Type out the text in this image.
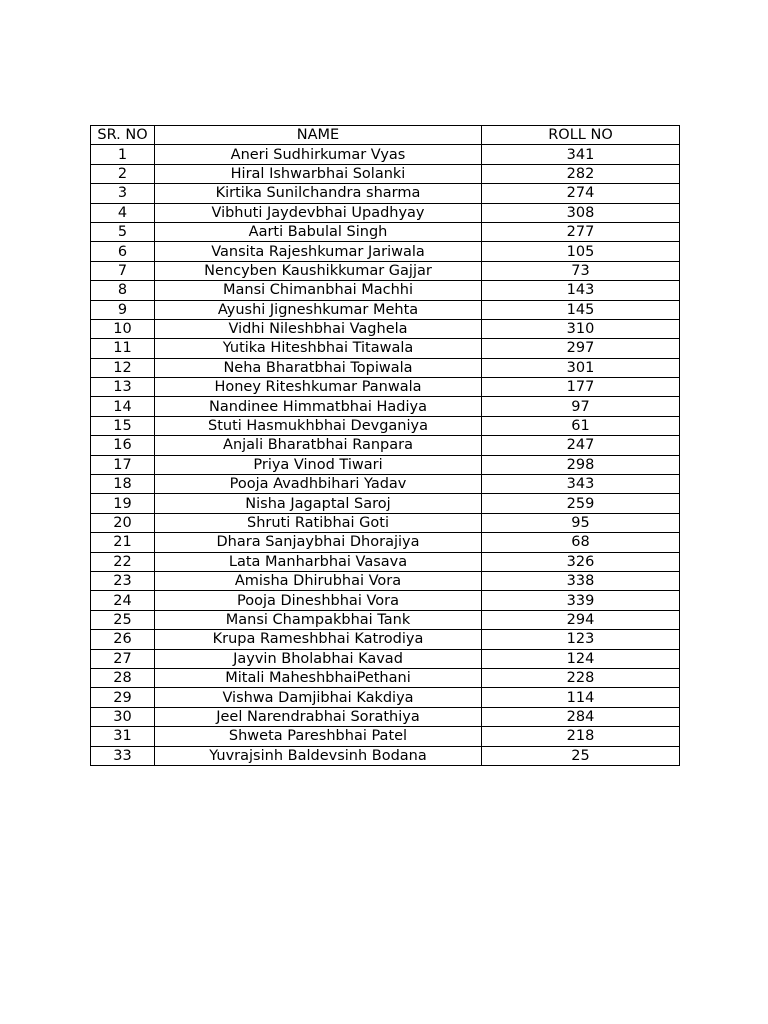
SR. NO	NAME	ROLL NO
1	Aneri Sudhirkumar Vyas	341
2	Hiral Ishwarbhai Solanki	282
3	Kirtika Sunilchandra sharma	274
4	Vibhuti Jaydevbhai Upadhyay	308
5	Aarti Babulal Singh	277
6	Vansita Rajeshkumar Jariwala	105
7	Nencyben Kaushikkumar Gajjar	73
8	Mansi Chimanbhai Machhi	143
9	Ayushi Jigneshkumar Mehta	145
10	Vidhi Nileshbhai Vaghela	310
11	Yutika Hiteshbhai Titawala	297
12	Neha Bharatbhai Topiwala	301
13	Honey Riteshkumar Panwala	177
14	Nandinee Himmatbhai Hadiya	97
15	Stuti Hasmukhbhai Devganiya	61
16	Anjali Bharatbhai Ranpara	247
17	Priya Vinod Tiwari	298
18	Pooja Avadhbihari Yadav	343
19	Nisha Jagaptal Saroj	259
20	Shruti Ratibhai Goti	95
21	Dhara Sanjaybhai Dhorajiya	68
22	Lata Manharbhai Vasava	326
23	Amisha Dhirubhai Vora	338
24	Pooja Dineshbhai Vora	339
25	Mansi Champakbhai Tank	294
26	Krupa Rameshbhai Katrodiya	123
27	Jayvin Bholabhai Kavad	124
28	Mitali MaheshbhaiPethani	228
29	Vishwa Damjibhai Kakdiya	114
30	Jeel Narendrabhai Sorathiya	284
31	Shweta Pareshbhai Patel	218
33	Yuvrajsinh Baldevsinh Bodana	25
